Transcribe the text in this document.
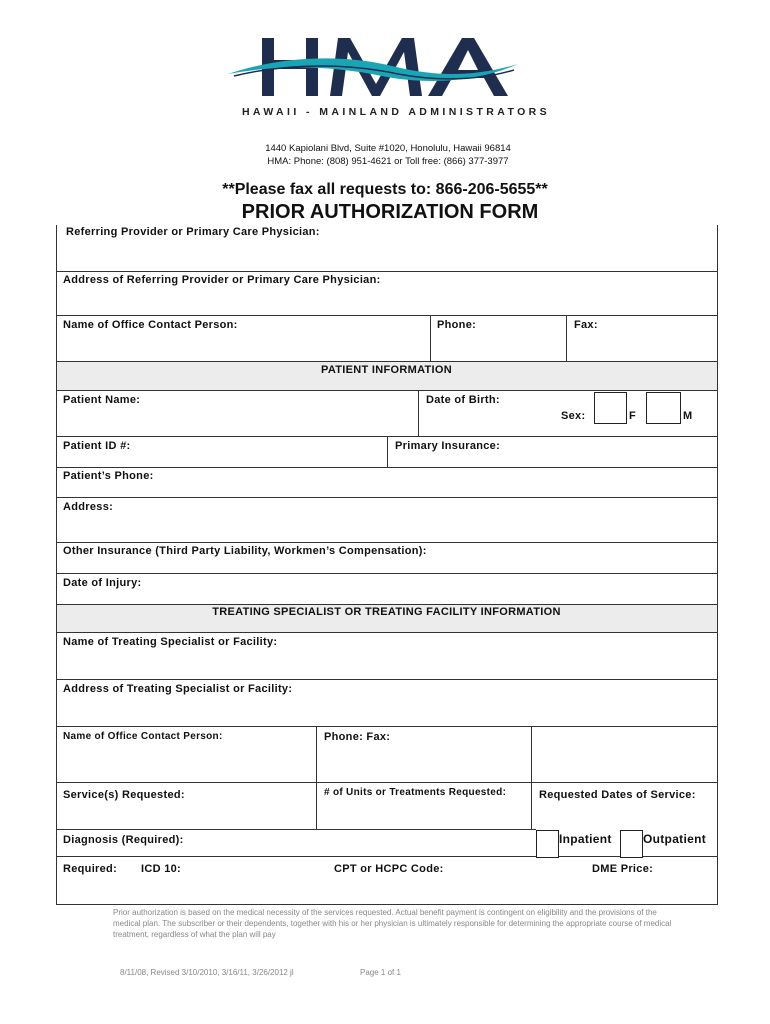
HAWAII - MAINLAND ADMINISTRATORS
1440 Kapiolani Blvd, Suite #1020, Honolulu, Hawaii 96814
HMA: Phone: (808) 951-4621 or Toll free: (866) 377-3977
**Please fax all requests to: 866-206-5655**
PRIOR AUTHORIZATION FORM
Referring Provider or Primary Care Physician:
Address of Referring Provider or Primary Care Physician:
Name of Office Contact Person:	Phone:	Fax:
PATIENT INFORMATION
Patient Name:	Date of Birth:
Sex:	F	M
Patient ID #:	Primary Insurance:
Patient’s Phone:
Address:
Other Insurance (Third Party Liability, Workmen’s Compensation):
Date of Injury:
TREATING SPECIALIST OR TREATING FACILITY INFORMATION
Name of Treating Specialist or Facility:
Address of Treating Specialist or Facility:
Name of Office Contact Person:	Phone: Fax:
Service(s) Requested:	# of Units or Treatments Requested:	Requested Dates of Service:
Diagnosis (Required):	Inpatient	Outpatient
Required: ICD 10:	CPT or HCPC Code:	DME Price:
Prior authorization is based on the medical necessity of the services requested. Actual benefit payment is contingent on eligibility and the provisions of the medical plan. The subscriber or their dependents, together with his or her physician is ultimately responsible for determining the appropriate course of medical treatment, regardless of what the plan will pay
8/11/08, Revised 3/10/2010, 3/16/11, 3/26/2012 jl	Page 1 of 1
